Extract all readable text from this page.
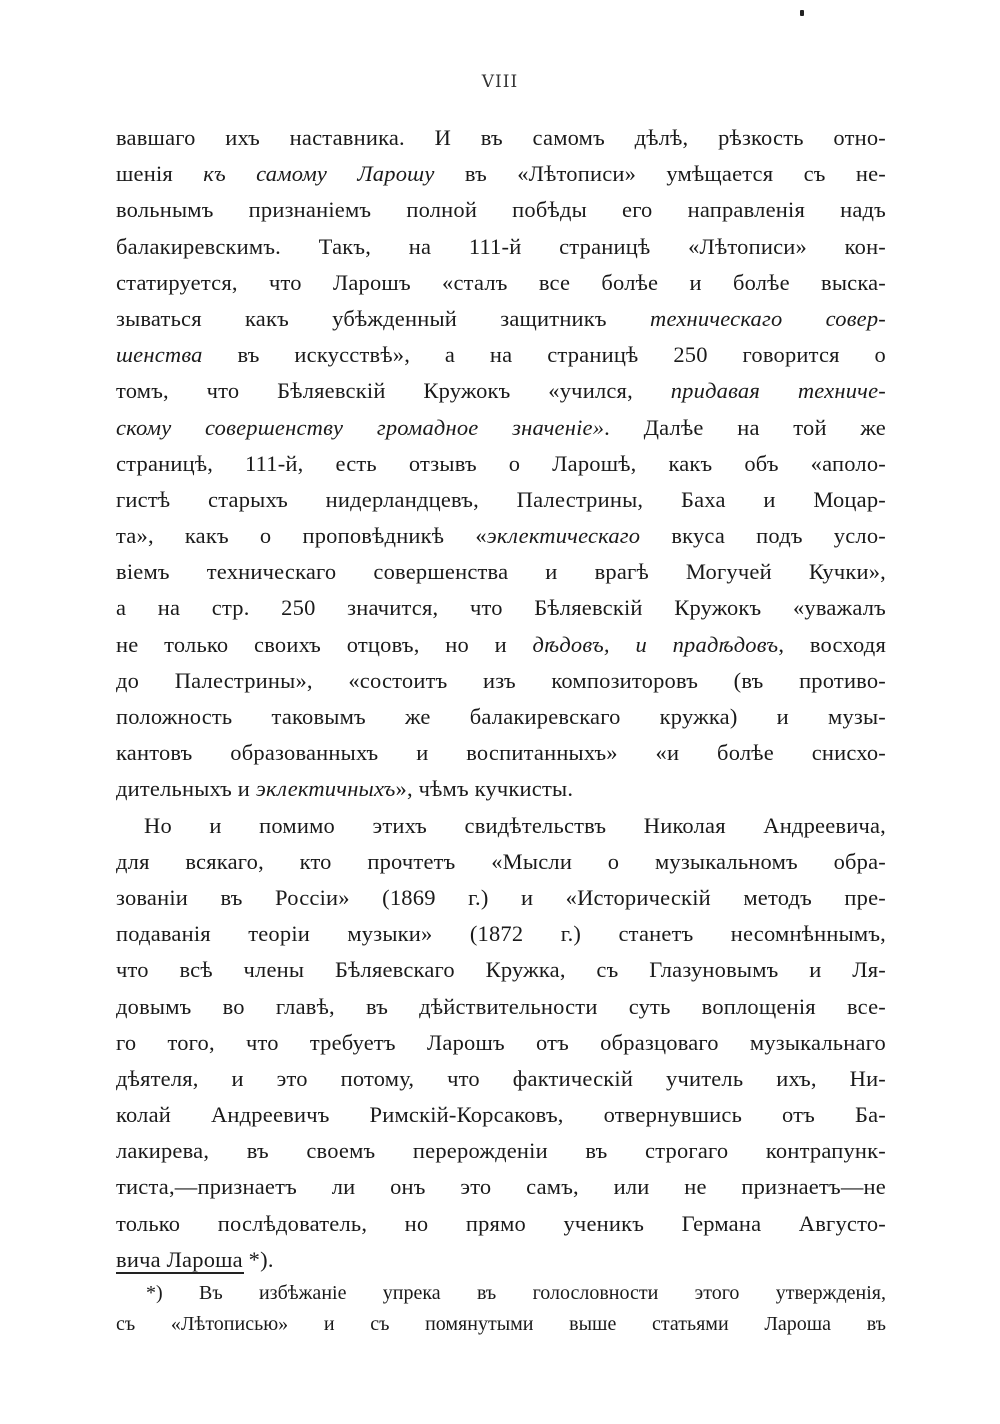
VIII
вавшаго ихъ наставника. И въ самомъ дѣлѣ, рѣзкость отно-
шенія къ самому Ларошу въ «Лѣтописи» умѣщается съ не-
вольнымъ признаніемъ полной побѣды его направленія надъ
балакиревскимъ. Такъ, на 111-й страницѣ «Лѣтописи» кон-
статируется, что Ларошъ «сталъ все болѣе и болѣе выска-
зываться какъ убѣжденный защитникъ техническаго совер-
шенства въ искусствѣ», а на страницѣ 250 говорится о
томъ, что Бѣляевскій Кружокъ «учился, придавая техниче-
скому совершенству громадное значеніе». Далѣе на той же
страницѣ, 111-й, есть отзывъ о Ларошѣ, какъ объ «аполо-
гистѣ старыхъ нидерландцевъ, Палестрины, Баха и Моцар-
та», какъ о проповѣдникѣ «эклектическаго вкуса подъ усло-
віемъ техническаго совершенства и врагѣ Могучей Кучки»,
а на стр. 250 значится, что Бѣляевскій Кружокъ «уважалъ
не только своихъ отцовъ, но и дѣдовъ, и прадѣдовъ, восходя
до Палестрины», «состоитъ изъ композиторовъ (въ противо-
положность таковымъ же балакиревскаго кружка) и музы-
кантовъ образованныхъ и воспитанныхъ» «и болѣе снисхо-
дительныхъ и эклектичныхъ», чѣмъ кучкисты.
Но и помимо этихъ свидѣтельствъ Николая Андреевича,
для всякаго, кто прочтетъ «Мысли о музыкальномъ обра-
зованіи въ Россіи» (1869 г.) и «Историческій методъ пре-
подаванія теоріи музыки» (1872 г.) станетъ несомнѣннымъ,
что всѣ члены Бѣляевскаго Кружка, съ Глазуновымъ и Ля-
довымъ во главѣ, въ дѣйствительности суть воплощенія все-
го того, что требуетъ Ларошъ отъ образцоваго музыкальнаго
дѣятеля, и это потому, что фактическій учитель ихъ, Ни-
колай Андреевичъ Римскій-Корсаковъ, отвернувшись отъ Ба-
лакирева, въ своемъ перерожденіи въ строгаго контрапунк-
тиста,—признаетъ ли онъ это самъ, или не признаетъ—не
только послѣдователь, но прямо ученикъ Германа Августо-
вича Лароша *).
*) Въ избѣжаніе упрека въ голословности этого утвержденія,
съ «Лѣтописью» и съ помянутыми выше статьями Лароша въ
